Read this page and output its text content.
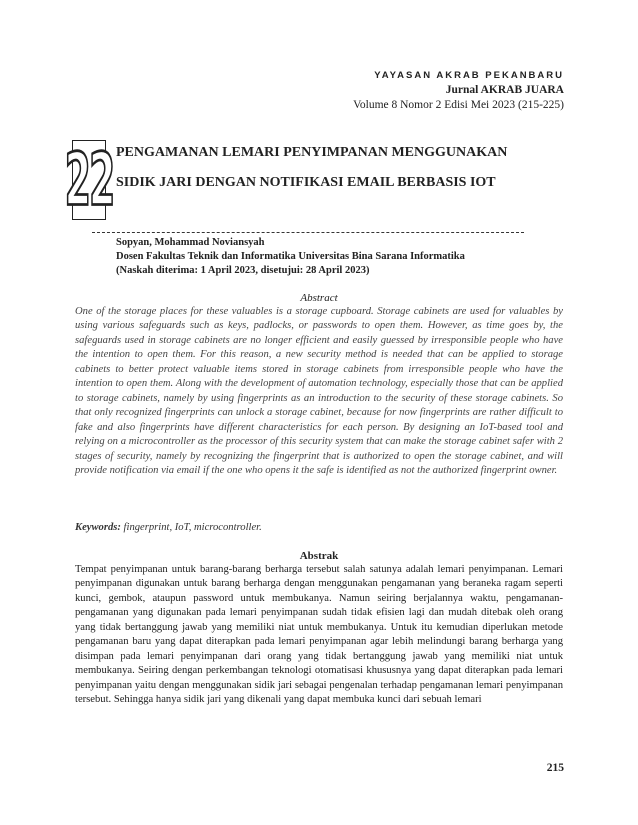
YAYASAN AKRAB PEKANBARU
Jurnal AKRAB JUARA
Volume 8 Nomor 2 Edisi Mei 2023 (215-225)
22 PENGAMANAN LEMARI PENYIMPANAN MENGGUNAKAN
SIDIK JARI DENGAN NOTIFIKASI EMAIL BERBASIS IOT
Sopyan, Mohammad Noviansyah
Dosen Fakultas Teknik dan Informatika Universitas Bina Sarana Informatika
(Naskah diterima: 1 April 2023, disetujui: 28 April 2023)
Abstract

One of the storage places for these valuables is a storage cupboard. Storage cabinets are used for valuables by using various safeguards such as keys, padlocks, or passwords to open them. However, as time goes by, the safeguards used in storage cabinets are no longer efficient and easily guessed by irresponsible people who have the intention to open them. For this reason, a new security method is needed that can be applied to storage cabinets to better protect valuable items stored in storage cabinets from irresponsible people who have the intention to open them. Along with the development of automation technology, especially those that can be applied to storage cabinets, namely by using fingerprints as an introduction to the security of these storage cabinets. So that only recognized fingerprints can unlock a storage cabinet, because for now fingerprints are rather difficult to fake and also fingerprints have different characteristics for each person. By designing an IoT-based tool and relying on a microcontroller as the processor of this security system that can make the storage cabinet safer with 2 stages of security, namely by recognizing the fingerprint that is authorized to open the storage cabinet, and will provide notification via email if the one who opens it the safe is identified as not the authorized fingerprint owner.

Keywords: fingerprint, IoT, microcontroller.
Abstrak

Tempat penyimpanan untuk barang-barang berharga tersebut salah satunya adalah lemari penyimpanan. Lemari penyimpanan digunakan untuk barang berharga dengan menggunakan pengamanan yang beraneka ragam seperti kunci, gembok, ataupun password untuk membukanya. Namun seiring berjalannya waktu, pengamanan-pengamanan yang digunakan pada lemari penyimpanan sudah tidak efisien lagi dan mudah ditebak oleh orang yang tidak bertanggung jawab yang memiliki niat untuk membukanya. Untuk itu kemudian diperlukan metode pengamanan baru yang dapat diterapkan pada lemari penyimpanan agar lebih melindungi barang berharga yang disimpan pada lemari penyimpanan dari orang yang tidak bertanggung jawab yang memiliki niat untuk membukanya. Seiring dengan perkembangan teknologi otomatisasi khususnya yang dapat diterapkan pada lemari penyimpanan yaitu dengan menggunakan sidik jari sebagai pengenalan terhadap pengamanan lemari penyimpanan tersebut. Sehingga hanya sidik jari yang dikenali yang dapat membuka kunci dari sebuah lemari

215
